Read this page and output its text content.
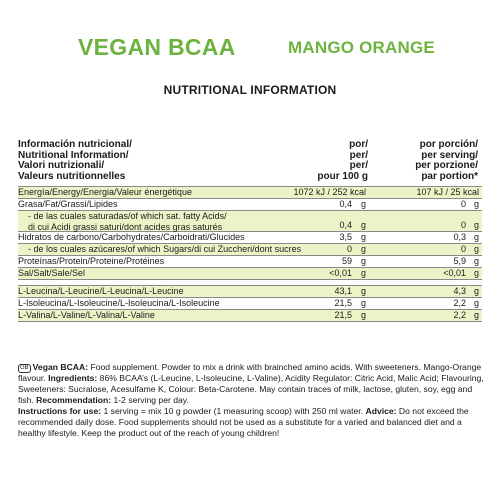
VEGAN BCAA	MANGO ORANGE
NUTRITIONAL INFORMATION
Información nutricional/
Nutritional Information/
Valori nutrizionali/
Valeurs nutritionnelles
por/
per/
per/
pour 100 g
por porción/
per serving/
per porzione/
par portion*
Energía/Energy/Energia/Valeur énergétique	1072 kJ / 252 kcal	107 kJ / 25 kcal
Grasa/Fat/Grassi/Lipides	0,4 g	0 g
- de las cuales saturadas/of which sat. fatty Acids/
di cui Acidi grassi saturi/dont acides gras saturés	0,4 g	0 g
Hidratos de carbono/Carbohydrates/Carboidrati/Glucides	3,5 g	0,3 g
- de los cuales azúcares/of which Sugars/di cui Zuccheri/dont sucres	0 g	0 g
Proteínas/Protein/Proteine/Protéines	59 g	5,9 g
Sal/Salt/Sale/Sel	<0,01 g	<0,01 g
L-Leucina/L-Leucine/L-Leucina/L-Leucine	43,1 g	4,3 g
L-Isoleucina/L-Isoleucine/L-Isoleucina/L-Isoleucine	21,5 g	2,2 g
L-Valina/L-Valine/L-Valina/L-Valine	21,5 g	2,2 g

GB Vegan BCAA: Food supplement. Powder to mix a drink with brainched amino acids. With sweeteners. Mango-Orange flavour. Ingredients: 86% BCAA’s (L-Leucine, L-Isoleucine, L-Valine), Acidity Regulator: Citric Acid, Malic Acid; Flavouring, Sweeteners: Sucralose, Acesulfame K, Colour: Beta-Carotene. May contain traces of milk, lactose, gluten, soy, egg and fish. Recommendation: 1-2 serving per day.

Instructions for use: 1 serving = mix 10 g powder (1 measuring scoop) with 250 ml water. Advice: Do not exceed the recommended daily dose. Food supplements should not be used as a substitute for a varied and balanced diet and a healthy lifestyle. Keep the product out of the reach of young children!
